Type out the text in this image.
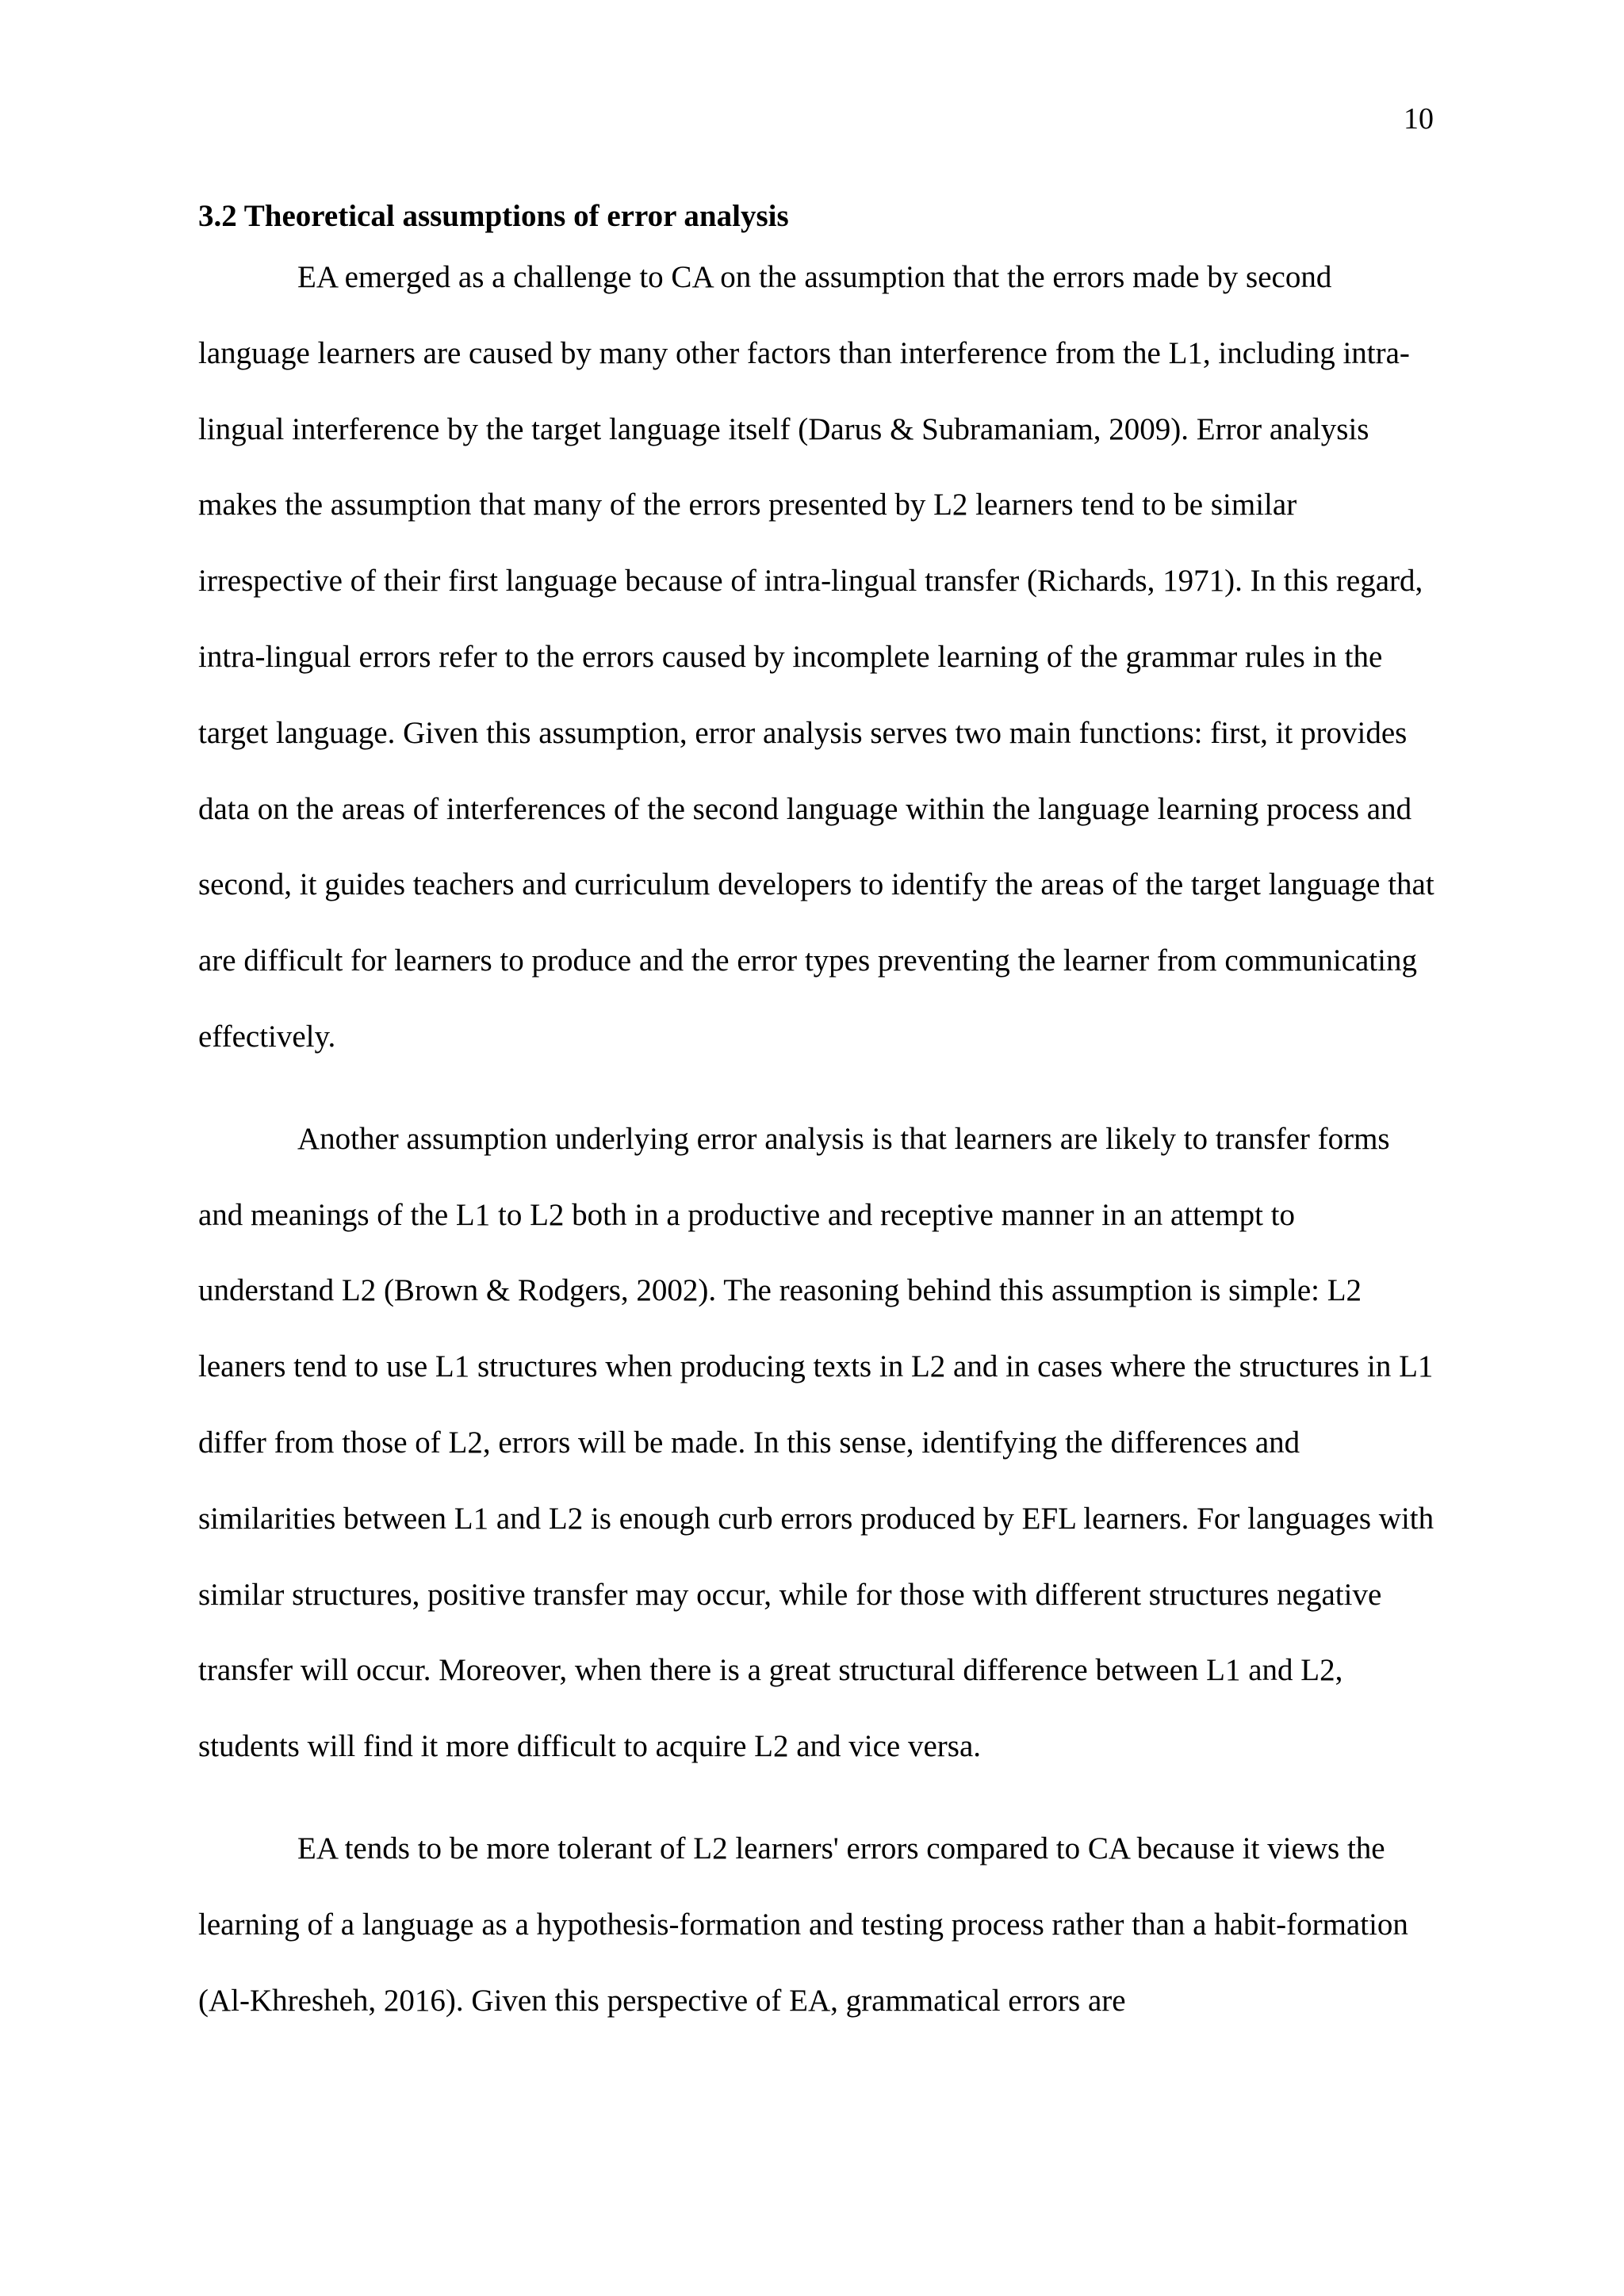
10

3.2 Theoretical assumptions of error analysis

EA emerged as a challenge to CA on the assumption that the errors made by second language learners are caused by many other factors than interference from the L1, including intra-lingual interference by the target language itself (Darus & Subramaniam, 2009). Error analysis makes the assumption that many of the errors presented by L2 learners tend to be similar irrespective of their first language because of intra-lingual transfer (Richards, 1971). In this regard, intra-lingual errors refer to the errors caused by incomplete learning of the grammar rules in the target language. Given this assumption, error analysis serves two main functions: first, it provides data on the areas of interferences of the second language within the language learning process and second, it guides teachers and curriculum developers to identify the areas of the target language that are difficult for learners to produce and the error types preventing the learner from communicating effectively.

Another assumption underlying error analysis is that learners are likely to transfer forms and meanings of the L1 to L2 both in a productive and receptive manner in an attempt to understand L2 (Brown & Rodgers, 2002). The reasoning behind this assumption is simple: L2 leaners tend to use L1 structures when producing texts in L2 and in cases where the structures in L1 differ from those of L2, errors will be made. In this sense, identifying the differences and similarities between L1 and L2 is enough curb errors produced by EFL learners. For languages with similar structures, positive transfer may occur, while for those with different structures negative transfer will occur. Moreover, when there is a great structural difference between L1 and L2, students will find it more difficult to acquire L2 and vice versa.

EA tends to be more tolerant of L2 learners' errors compared to CA because it views the learning of a language as a hypothesis-formation and testing process rather than a habit-formation (Al-Khresheh, 2016). Given this perspective of EA, grammatical errors are
